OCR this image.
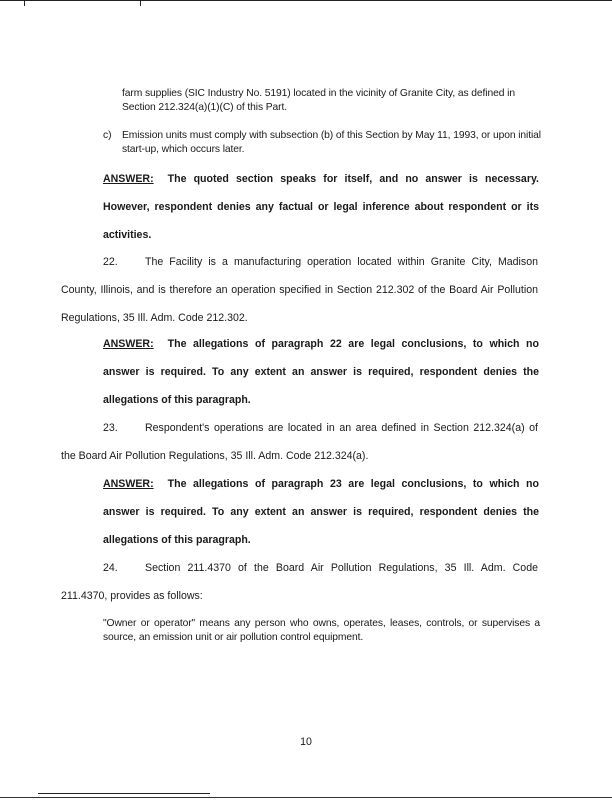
farm supplies (SIC Industry No. 5191) located in the vicinity of Granite City, as defined in Section 212.324(a)(1)(C) of this Part.
c) Emission units must comply with subsection (b) of this Section by May 11, 1993, or upon initial start-up, which occurs later.
ANSWER: The quoted section speaks for itself, and no answer is necessary. However, respondent denies any factual or legal inference about respondent or its activities.
22.	The Facility is a manufacturing operation located within Granite City, Madison County, Illinois, and is therefore an operation specified in Section 212.302 of the Board Air Pollution Regulations, 35 Ill. Adm. Code 212.302.
ANSWER: The allegations of paragraph 22 are legal conclusions, to which no answer is required. To any extent an answer is required, respondent denies the allegations of this paragraph.
23.	Respondent's operations are located in an area defined in Section 212.324(a) of the Board Air Pollution Regulations, 35 Ill. Adm. Code 212.324(a).
ANSWER: The allegations of paragraph 23 are legal conclusions, to which no answer is required. To any extent an answer is required, respondent denies the allegations of this paragraph.
24.	Section 211.4370 of the Board Air Pollution Regulations, 35 Ill. Adm. Code 211.4370, provides as follows:
"Owner or operator" means any person who owns, operates, leases, controls, or supervises a source, an emission unit or air pollution control equipment.
10
